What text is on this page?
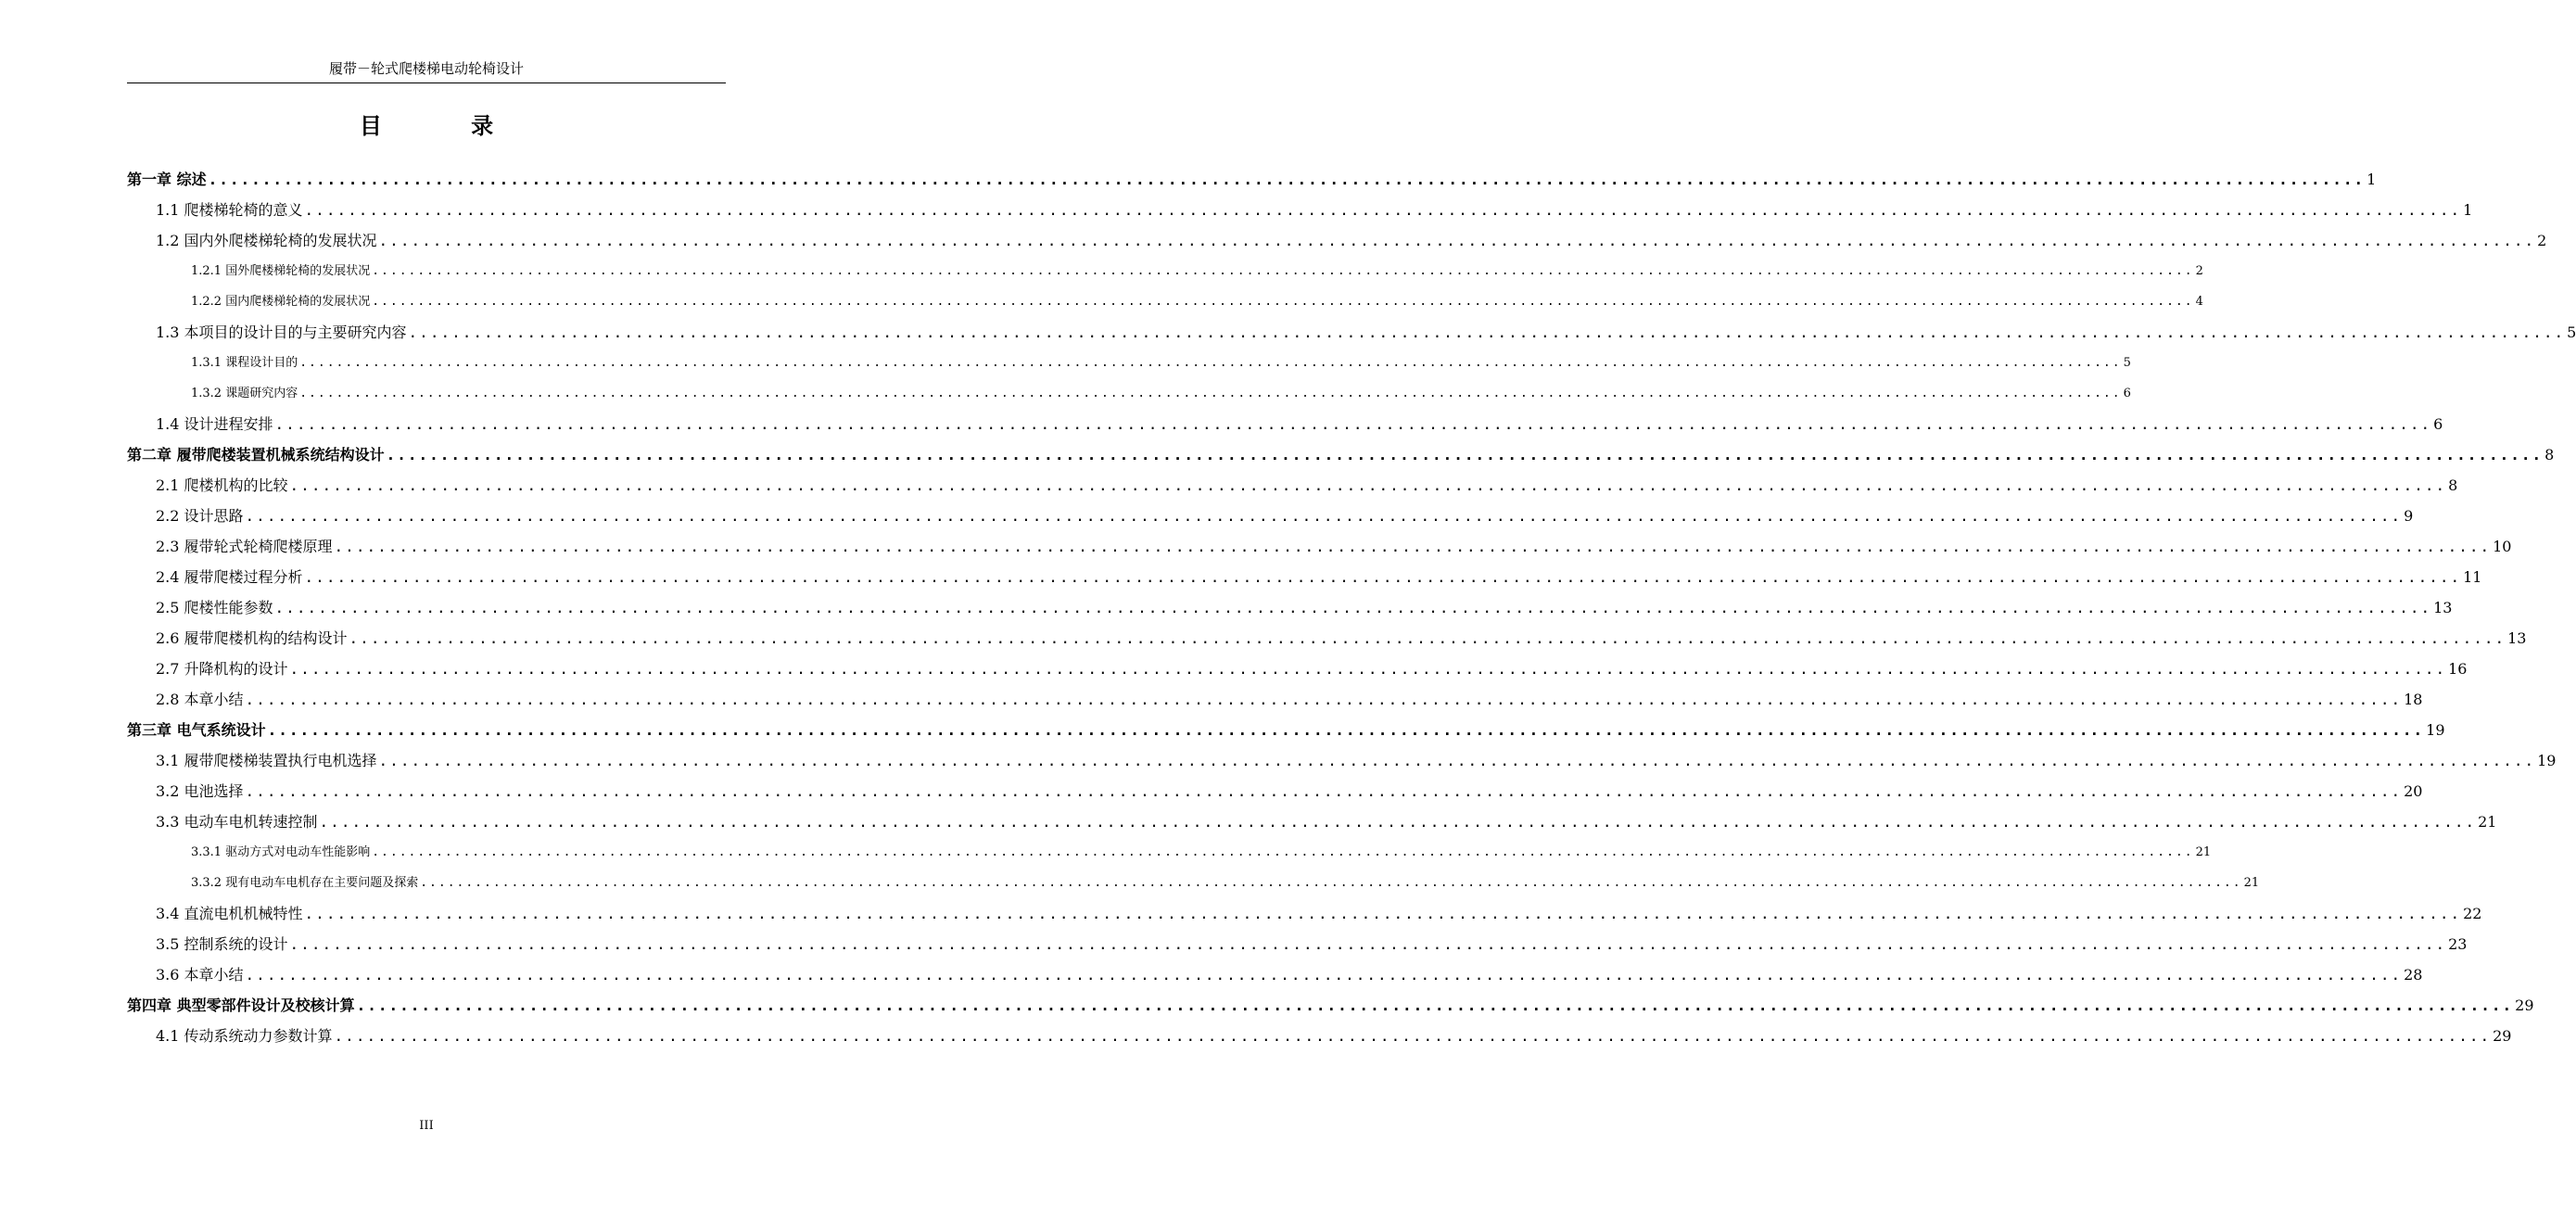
履带－轮式爬楼梯电动轮椅设计
目 录
第一章 综述 ........................................................................................................................................................................................................ 1
1.1 爬楼梯轮椅的意义 ........................................................................................................................................................................................................ 1
1.2 国内外爬楼梯轮椅的发展状况 ........................................................................................................................................................................................................ 2
1.2.1 国外爬楼梯轮椅的发展状况 ........................................................................................................................................................................................................ 2
1.2.2 国内爬楼梯轮椅的发展状况 ........................................................................................................................................................................................................ 4
1.3 本项目的设计目的与主要研究内容 ........................................................................................................................................................................................................ 5
1.3.1 课程设计目的 ........................................................................................................................................................................................................ 5
1.3.2 课题研究内容 ........................................................................................................................................................................................................ 6
1.4 设计进程安排 ........................................................................................................................................................................................................ 6
第二章 履带爬楼装置机械系统结构设计 ........................................................................................................................................................................................................ 8
2.1 爬楼机构的比较 ........................................................................................................................................................................................................ 8
2.2 设计思路 ........................................................................................................................................................................................................ 9
2.3 履带轮式轮椅爬楼原理 ........................................................................................................................................................................................................ 10
2.4 履带爬楼过程分析 ........................................................................................................................................................................................................ 11
2.5 爬楼性能参数 ........................................................................................................................................................................................................ 13
2.6 履带爬楼机构的结构设计 ........................................................................................................................................................................................................ 13
2.7 升降机构的设计 ........................................................................................................................................................................................................ 16
2.8 本章小结 ........................................................................................................................................................................................................ 18
第三章 电气系统设计 ........................................................................................................................................................................................................ 19
3.1 履带爬楼梯装置执行电机选择 ........................................................................................................................................................................................................ 19
3.2 电池选择 ........................................................................................................................................................................................................ 20
3.3 电动车电机转速控制 ........................................................................................................................................................................................................ 21
3.3.1 驱动方式对电动车性能影响 ........................................................................................................................................................................................................ 21
3.3.2 现有电动车电机存在主要问题及探索 ........................................................................................................................................................................................................ 21
3.4 直流电机机械特性 ........................................................................................................................................................................................................ 22
3.5 控制系统的设计 ........................................................................................................................................................................................................ 23
3.6 本章小结 ........................................................................................................................................................................................................ 28
第四章 典型零部件设计及校核计算 ........................................................................................................................................................................................................ 29
4.1 传动系统动力参数计算 ........................................................................................................................................................................................................ 29
III
